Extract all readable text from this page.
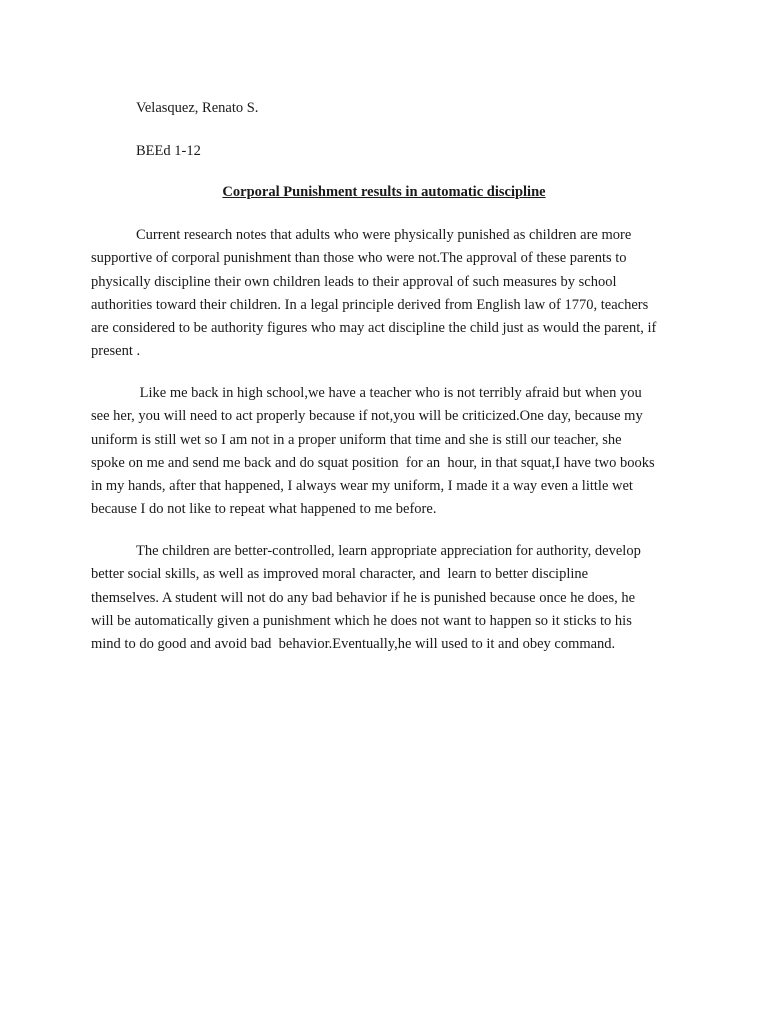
Velasquez, Renato S.

BEEd 1-12

Corporal Punishment results in automatic discipline

Current research notes that adults who were physically punished as children are more
supportive of corporal punishment than those who were not.The approval of these parents to
physically discipline their own children leads to their approval of such measures by school
authorities toward their children. In a legal principle derived from English law of 1770, teachers
are considered to be authority figures who may act discipline the child just as would the parent, if
present .

Like me back in high school,we have a teacher who is not terribly afraid but when you
see her, you will need to act properly because if not,you will be criticized.One day, because my
uniform is still wet so I am not in a proper uniform that time and she is still our teacher, she
spoke on me and send me back and do squat position  for an  hour, in that squat,I have two books
in my hands, after that happened, I always wear my uniform, I made it a way even a little wet
because I do not like to repeat what happened to me before.

The children are better-controlled, learn appropriate appreciation for authority, develop
better social skills, as well as improved moral character, and  learn to better discipline
themselves. A student will not do any bad behavior if he is punished because once he does, he
will be automatically given a punishment which he does not want to happen so it sticks to his
mind to do good and avoid bad  behavior.Eventually,he will used to it and obey command.
